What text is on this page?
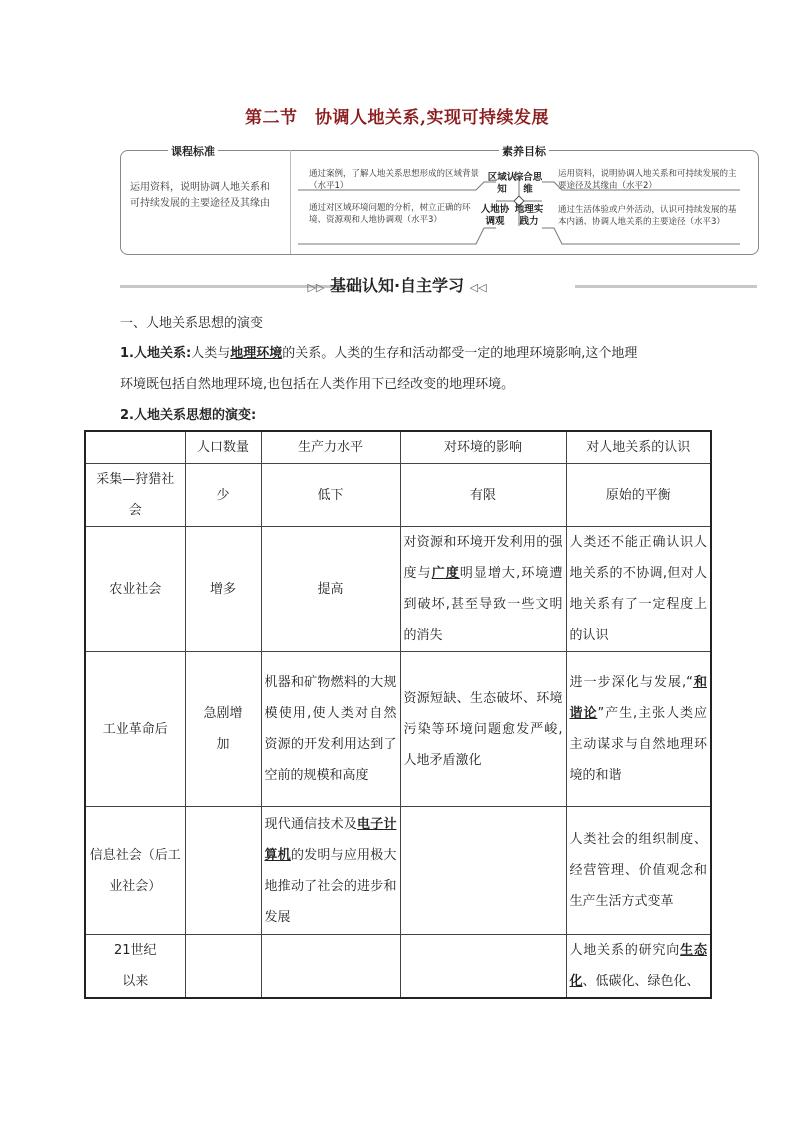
第二节　协调人地关系,实现可持续发展
课程标准	素养目标
运用资料，说明协调人地关系和可持续发展的主要途径及其缘由
区域认知
综合思维
人地协调观
地理实践力
通过案例，了解人地关系思想形成的区域背景（水平1）
通过对区域环境问题的分析，树立正确的环境、资源观和人地协调观（水平3）
运用资料，说明协调人地关系和可持续发展的主要途径及其缘由（水平2）
通过生活体验或户外活动，认识可持续发展的基本内涵、协调人地关系的主要途径（水平3）
▷▷ 基础认知·自主学习 ◁◁
一、人地关系思想的演变
1.人地关系:人类与地理环境的关系。人类的生存和活动都受一定的地理环境影响,这个地理
环境既包括自然地理环境,也包括在人类作用下已经改变的地理环境。
2.人地关系思想的演变:
	人口数量	生产力水平	对环境的影响	对人地关系的认识
采集—狩猎社会	少	低下	有限	原始的平衡
农业社会	增多	提高	对资源和环境开发利用的强度与广度明显增大,环境遭到破坏,甚至导致一些文明的消失	人类还不能正确认识人地关系的不协调,但对人地关系有了一定程度上的认识
工业革命后	急剧增加	机器和矿物燃料的大规模使用,使人类对自然资源的开发利用达到了空前的规模和高度	资源短缺、生态破坏、环境污染等环境问题愈发严峻,人地矛盾激化	进一步深化与发展,“和谐论”产生,主张人类应主动谋求与自然地理环境的和谐
信息社会（后工业社会）		现代通信技术及电子计算机的发明与应用极大地推动了社会的进步和发展		人类社会的组织制度、经营管理、价值观念和生产生活方式变革
21世纪以来				人地关系的研究向生态化、低碳化、绿色化、
